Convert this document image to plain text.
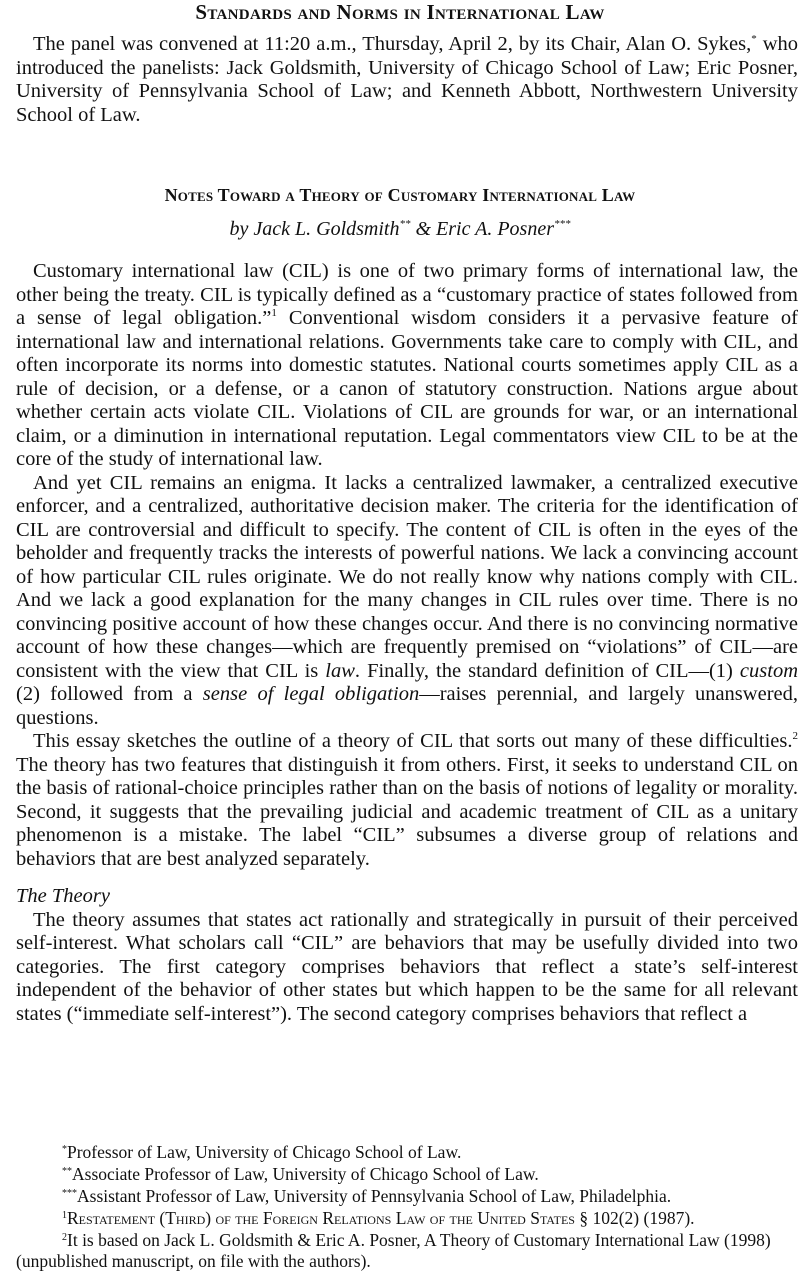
Standards and Norms in International Law
The panel was convened at 11:20 a.m., Thursday, April 2, by its Chair, Alan O. Sykes,* who introduced the panelists: Jack Goldsmith, University of Chicago School of Law; Eric Posner, University of Pennsylvania School of Law; and Kenneth Abbott, Northwestern University School of Law.
Notes Toward a Theory of Customary International Law
by Jack L. Goldsmith** & Eric A. Posner***

Customary international law (CIL) is one of two primary forms of international law, the other being the treaty. CIL is typically defined as a “customary practice of states followed from a sense of legal obligation.”$^1$ Conventional wisdom considers it a pervasive feature of international law and international relations. Governments take care to comply with CIL, and often incorporate its norms into domestic statutes. National courts sometimes apply CIL as a rule of decision, or a defense, or a canon of statutory construction. Nations argue about whether certain acts violate CIL. Violations of CIL are grounds for war, or an international claim, or a diminution in international reputation. Legal commentators view CIL to be at the core of the study of international law.

And yet CIL remains an enigma. It lacks a centralized lawmaker, a centralized executive enforcer, and a centralized, authoritative decision maker. The criteria for the identification of CIL are controversial and difficult to specify. The content of CIL is often in the eyes of the beholder and frequently tracks the interests of powerful nations. We lack a convincing account of how particular CIL rules originate. We do not really know why nations comply with CIL. And we lack a good explanation for the many changes in CIL rules over time. There is no convincing positive account of how these changes occur. And there is no convincing normative account of how these changes—which are frequently premised on “violations” of CIL—are consistent with the view that CIL is law. Finally, the standard definition of CIL—(1) custom (2) followed from a sense of legal obligation—raises perennial, and largely unanswered, questions.

This essay sketches the outline of a theory of CIL that sorts out many of these difficulties.$^2$ The theory has two features that distinguish it from others. First, it seeks to understand CIL on the basis of rational-choice principles rather than on the basis of notions of legality or morality. Second, it suggests that the prevailing judicial and academic treatment of CIL as a unitary phenomenon is a mistake. The label “CIL” subsumes a diverse group of relations and behaviors that are best analyzed separately.

The Theory

The theory assumes that states act rationally and strategically in pursuit of their perceived self-interest. What scholars call “CIL” are behaviors that may be usefully divided into two categories. The first category comprises behaviors that reflect a state’s self-interest independent of the behavior of other states but which happen to be the same for all relevant states (“immediate self-interest”). The second category comprises behaviors that reflect a

*Professor of Law, University of Chicago School of Law.
**Associate Professor of Law, University of Chicago School of Law.
***Assistant Professor of Law, University of Pennsylvania School of Law, Philadelphia.
$^1$Restatement (Third) of the Foreign Relations Law of the United States § 102(2) (1987).
$^2$It is based on Jack L. Goldsmith & Eric A. Posner, A Theory of Customary International Law (1998) (unpublished manuscript, on file with the authors).
